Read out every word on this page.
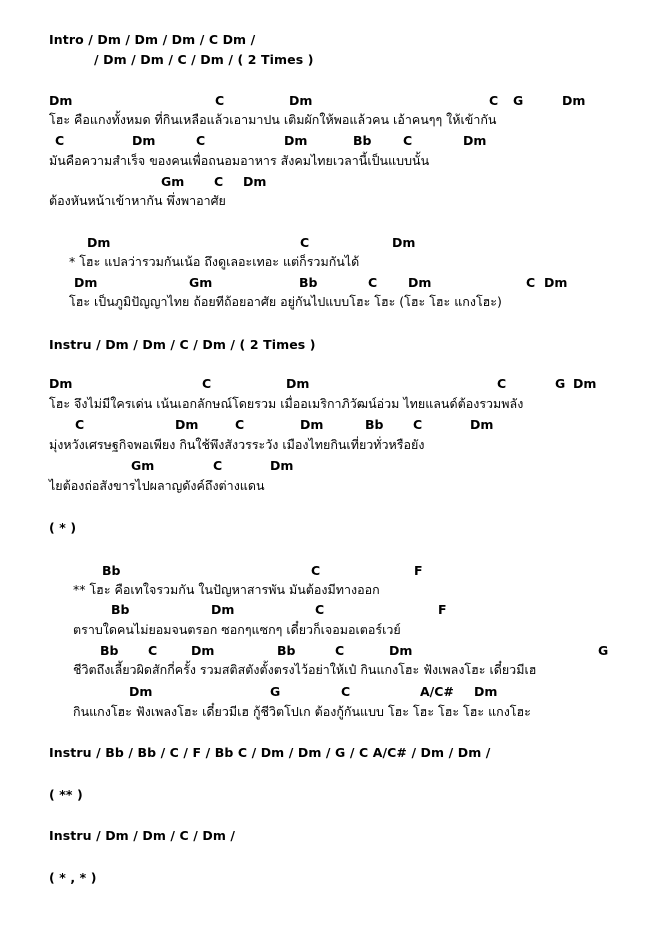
Intro / Dm / Dm / Dm / C Dm /
/ Dm / Dm / C / Dm / ( 2 Times )
Dm	C	Dm	C G	Dm
โฮะ คือแกงทั้งหมด ที่กินเหลือแล้วเอามาปน เติมผักให้พอแล้วคน เอ้าคนๆๆ ให้เข้ากัน
C	Dm	C	Dm	Bb	C	Dm
มันคือความสำเร็จ ของคนเพื่อถนอมอาหาร สังคมไทยเวลานี้เป็นแบบนั้น
Gm C Dm
ต้องหันหน้าเข้าหากัน พึ่งพาอาศัย
Dm	C	Dm
* โฮะ แปลว่ารวมกันเน้อ ถึงดูเลอะเทอะ แต่ก็รวมกันได้
Dm	Gm	Bb	C Dm	C Dm
โฮะ เป็นภูมิปัญญาไทย ถ้อยทีถ้อยอาศัย อยู่กันไปแบบโฮะ โฮะ (โฮะ โฮะ แกงโฮะ)
Instru / Dm / Dm / C / Dm / ( 2 Times )
Dm	C	Dm	C	G Dm
โฮะ จึงไม่มีใครเด่น เน้นเอกลักษณ์โดยรวม เมื่ออเมริกาภิวัฒน์อ่วม ไทยแลนด์ต้องรวมพลัง
C	Dm	C	Dm	Bb C	Dm
มุ่งหวังเศรษฐกิจพอเพียง กินใช้พึงสังวรระวัง เมืองไทยกินเที่ยวทั่วหรือยัง
Gm	C	Dm
ไยต้องถ่อสังขารไปผลาญดังค์ถึงต่างแดน
( * )
Bb	C	F
** โฮะ คือเทใจรวมกัน ในปัญหาสารพัน มันต้องมีทางออก
Bb	Dm	C	F
ตราบใดคนไม่ยอมจนตรอก ซอกๆแซกๆ เดี๋ยวก็เจอมอเตอร์เวย์
Bb C	Dm	Bb	C	Dm	G
ชีวิตถึงเลี้ยวผิดสักกี่ครั้ง รวมสติสตังตั้งตรงไว้อย่าให้เป๋ กินแกงโฮะ ฟังเพลงโฮะ เดี๋ยวมีเฮ
Dm	G	C	A/C# Dm
กินแกงโฮะ ฟังเพลงโฮะ เดี๋ยวมีเฮ กู้ชีวิตโปเก ต้องกู้กันแบบ โฮะ โฮะ โฮะ โฮะ แกงโฮะ
Instru / Bb / Bb / C / F / Bb C / Dm / Dm / G / C A/C# / Dm / Dm /
( ** )
Instru / Dm / Dm / C / Dm /
( * , * )
